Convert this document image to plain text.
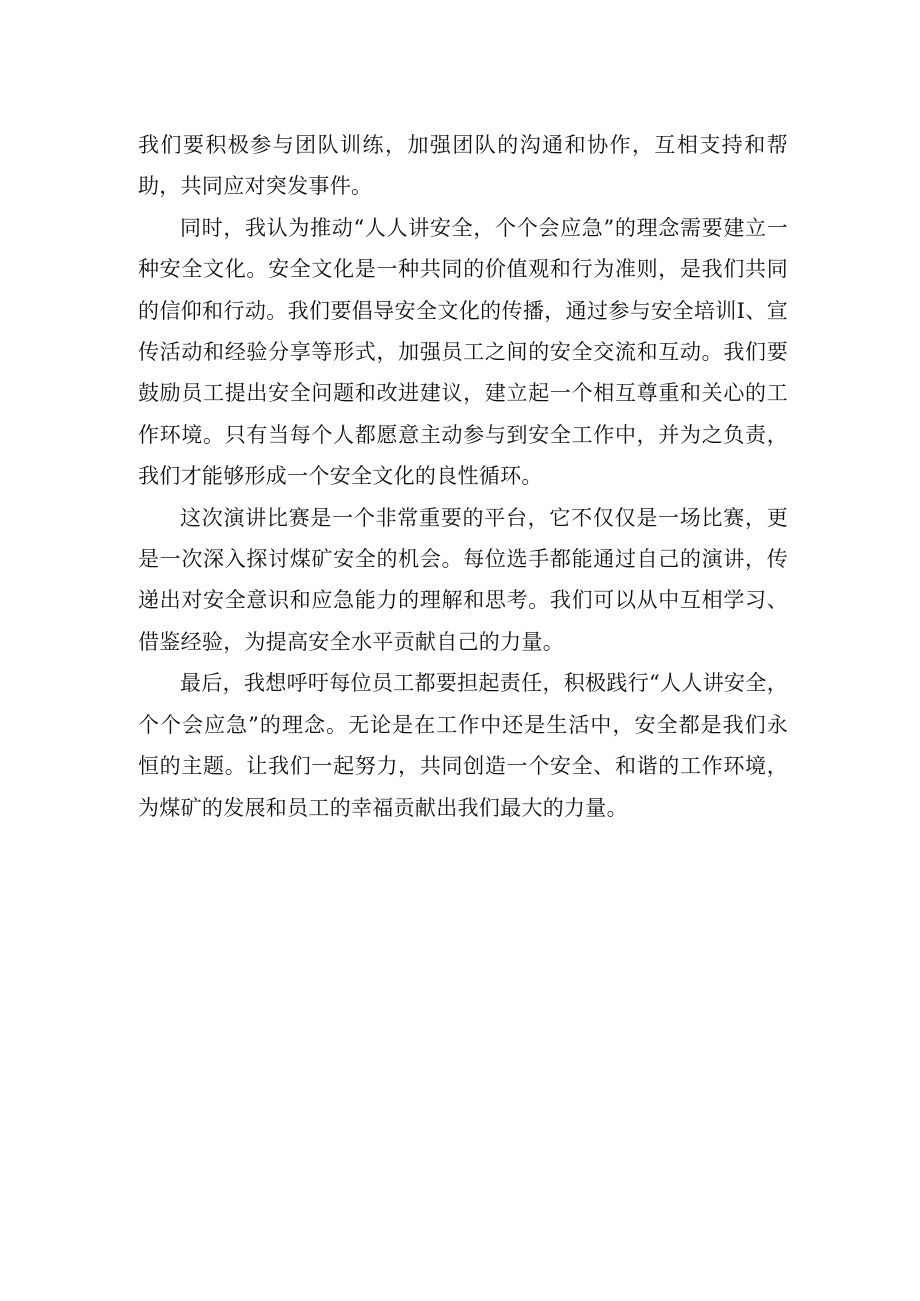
我们要积极参与团队训练，加强团队的沟通和协作，互相支持和帮助，共同应对突发事件。

同时，我认为推动“人人讲安全，个个会应急”的理念需要建立一种安全文化。安全文化是一种共同的价值观和行为准则，是我们共同的信仰和行动。我们要倡导安全文化的传播，通过参与安全培训Ⅰ、宣传活动和经验分享等形式，加强员工之间的安全交流和互动。我们要鼓励员工提出安全问题和改进建议，建立起一个相互尊重和关心的工作环境。只有当每个人都愿意主动参与到安全工作中，并为之负责，我们才能够形成一个安全文化的良性循环。

这次演讲比赛是一个非常重要的平台，它不仅仅是一场比赛，更是一次深入探讨煤矿安全的机会。每位选手都能通过自己的演讲，传递出对安全意识和应急能力的理解和思考。我们可以从中互相学习、借鉴经验，为提高安全水平贡献自己的力量。

最后，我想呼吁每位员工都要担起责任，积极践行“人人讲安全，个个会应急”的理念。无论是在工作中还是生活中，安全都是我们永恒的主题。让我们一起努力，共同创造一个安全、和谐的工作环境，为煤矿的发展和员工的幸福贡献出我们最大的力量。
